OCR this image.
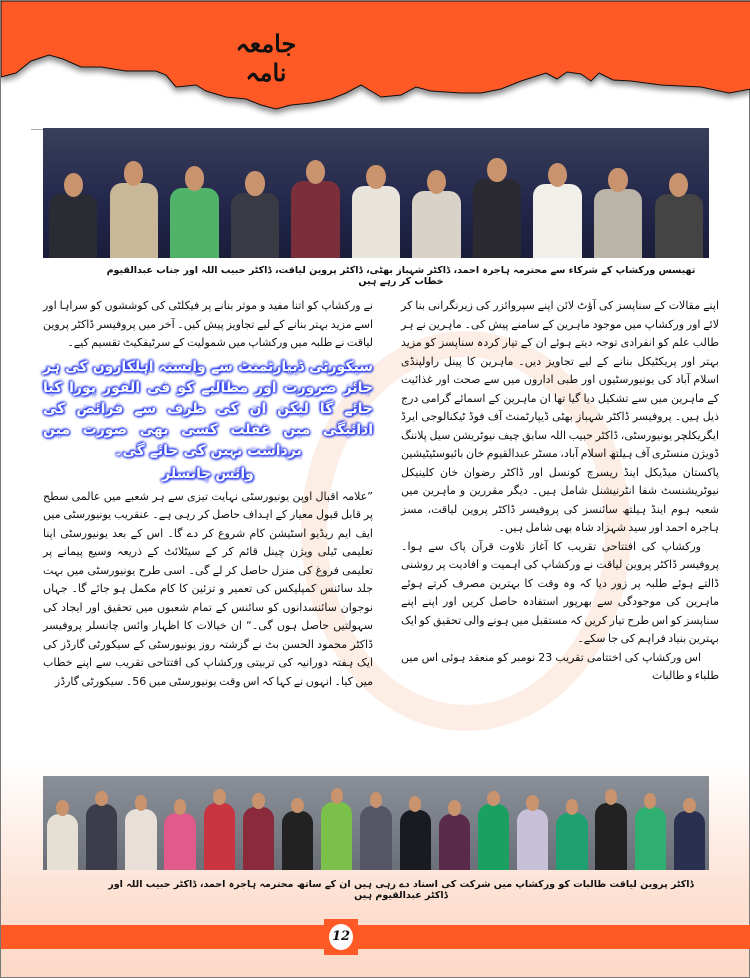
جامعہ نامہ
تھیسس ورکشاپ کے شرکاء سے محترمہ ہاجرہ احمد، ڈاکٹر شہباز بھٹی، ڈاکٹر پروین لیاقت، ڈاکٹر حبیب اللہ اور جناب عبدالقیوم خطاب کر رہے ہیں

اپنے مقالات کے سناپسز کی آؤٹ لائن اپنے سپروائزر کی زیرنگرانی بنا کر لائے اور ورکشاپ میں موجود ماہرین کے سامنے پیش کی۔ ماہرین نے ہر طالب علم کو انفرادی توجہ دیتے ہوئے ان کے تیار کردہ سناپسز کو مزید بہتر اور پریکٹیکل بنانے کے لیے تجاویز دیں۔ ماہرین کا پینل راولپنڈی اسلام آباد کی یونیورسٹیوں اور طبی اداروں میں سے صحت اور غذائیت کے ماہرین میں سے تشکیل دیا گیا تھا ان ماہرین کے اسمائے گرامی درج ذیل ہیں۔ پروفیسر ڈاکٹر شہباز بھٹی ڈیپارٹمنٹ آف فوڈ ٹیکنالوجی ایرڈ ایگریکلچر یونیورسٹی، ڈاکٹر حبیب اللہ سابق چیف نیوٹریشن سیل پلاننگ ڈویژن منسٹری آف ہیلتھ اسلام آباد، مسٹر عبدالقیوم خان بائیوسٹیٹیشین پاکستان میڈیکل اینڈ ریسرچ کونسل اور ڈاکٹر رضوان خان کلینیکل نیوٹریشنسٹ شفا انٹرنیشنل شامل ہیں۔ دیگر مقررین و ماہرین میں شعبہ ہوم اینڈ ہیلتھ سائنسز کی پروفیسر ڈاکٹر پروین لیاقت، مسز ہاجرہ احمد اور سید شہزاد شاہ بھی شامل ہیں۔

ورکشاپ کی افتتاحی تقریب کا آغاز تلاوت قرآن پاک سے ہوا۔ پروفیسر ڈاکٹر پروین لیاقت نے ورکشاپ کی اہمیت و افادیت پر روشنی ڈالتے ہوئے طلبہ پر زور دیا کہ وہ وقت کا بہترین مصرف کرتے ہوئے ماہرین کی موجودگی سے بھرپور استفادہ حاصل کریں اور اپنے اپنے سناپسز کو اس طرح تیار کریں کہ مستقبل میں ہونے والی تحقیق کو ایک بہترین بنیاد فراہم کی جا سکے۔

اس ورکشاپ کی اختتامی تقریب 23 نومبر کو منعقد ہوئی اس میں طلباء و طالبات

نے ورکشاپ کو اتنا مفید و موثر بنانے پر فیکلٹی کی کوششوں کو سراہا اور اسے مزید بہتر بنانے کے لیے تجاویز پیش کیں۔ آخر میں پروفیسر ڈاکٹر پروین لیاقت نے طلبہ میں ورکشاپ میں شمولیت کے سرٹیفکیٹ تقسیم کیے۔

سیکورٹی ڈیپارٹمنٹ سے وابستہ اہلکاروں کی ہر جائز ضرورت اور مطالبے کو فی الفور پورا کیا جائے گا لیکن ان کی طرف سے فرائض کی ادائیگی میں غفلت کسی بھی صورت میں برداشت نہیں کی جائے گی۔
وائس چانسلر

”علامہ اقبال اوپن یونیورسٹی نہایت تیزی سے ہر شعبے میں عالمی سطح پر قابل قبول معیار کے اہداف حاصل کر رہی ہے۔ عنقریب یونیورسٹی میں ایف ایم ریڈیو اسٹیشن کام شروع کر دے گا۔ اس کے بعد یونیورسٹی اپنا تعلیمی ٹیلی ویژن چینل قائم کر کے سیٹلائٹ کے ذریعہ وسیع پیمانے پر تعلیمی فروغ کی منزل حاصل کر لے گی۔ اسی طرح یونیورسٹی میں بہت جلد سائنس کمپلیکس کی تعمیر و تزئین کا کام مکمل ہو جائے گا۔ جہاں نوجوان سائنسدانوں کو سائنس کے تمام شعبوں میں تحقیق اور ایجاد کی سہولتیں حاصل ہوں گی۔“ ان خیالات کا اظہار وائس چانسلر پروفیسر ڈاکٹر محمود الحسن بٹ نے گزشتہ روز یونیورسٹی کے سیکورٹی گارڈز کی ایک ہفتہ دورانیہ کی تربیتی ورکشاپ کی افتتاحی تقریب سے اپنے خطاب میں کیا۔ انہوں نے کہا کہ اس وقت یونیورسٹی میں 56۔ سیکورٹی گارڈز

ڈاکٹر پروین لیاقت طالبات کو ورکشاپ میں شرکت کی اسناد دے رہی ہیں ان کے ساتھ محترمہ ہاجرہ احمد، ڈاکٹر حبیب اللہ اور ڈاکٹر عبدالقیوم ہیں
12
